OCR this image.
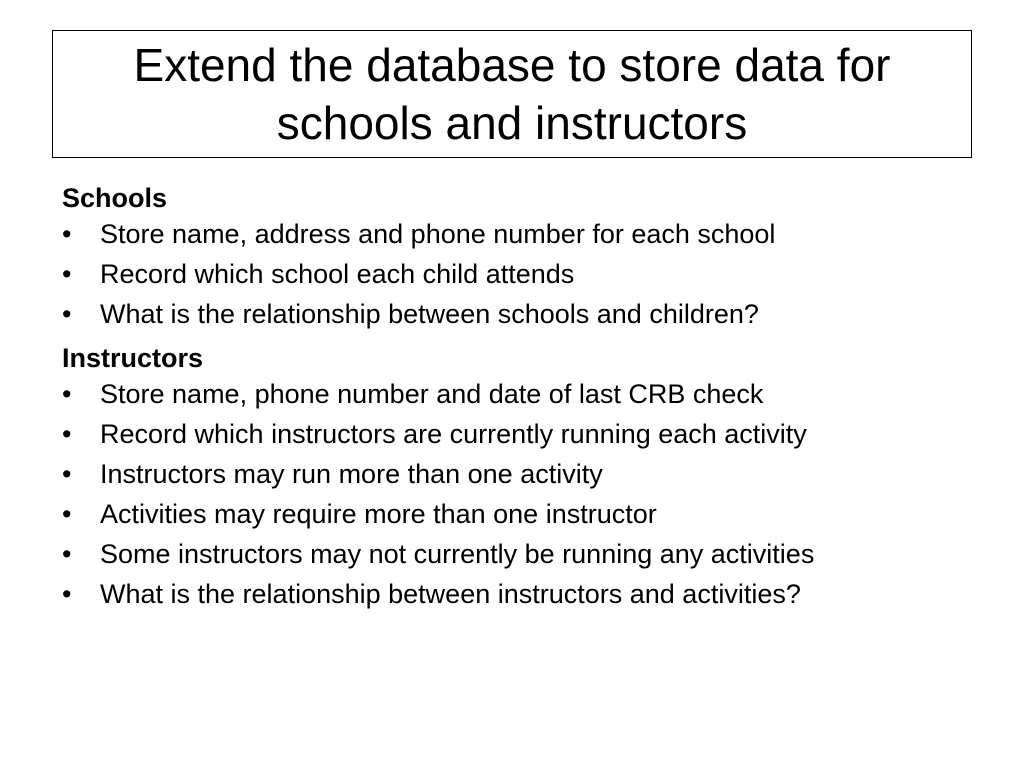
Extend the database to store data for schools and instructors

Schools

•	Store name, address and phone number for each school
•	Record which school each child attends
•	What is the relationship between schools and children?

Instructors

•	Store name, phone number and date of last CRB check
•	Record which instructors are currently running each activity
•	Instructors may run more than one activity
•	Activities may require more than one instructor
•	Some instructors may not currently be running any activities
•	What is the relationship between instructors and activities?
